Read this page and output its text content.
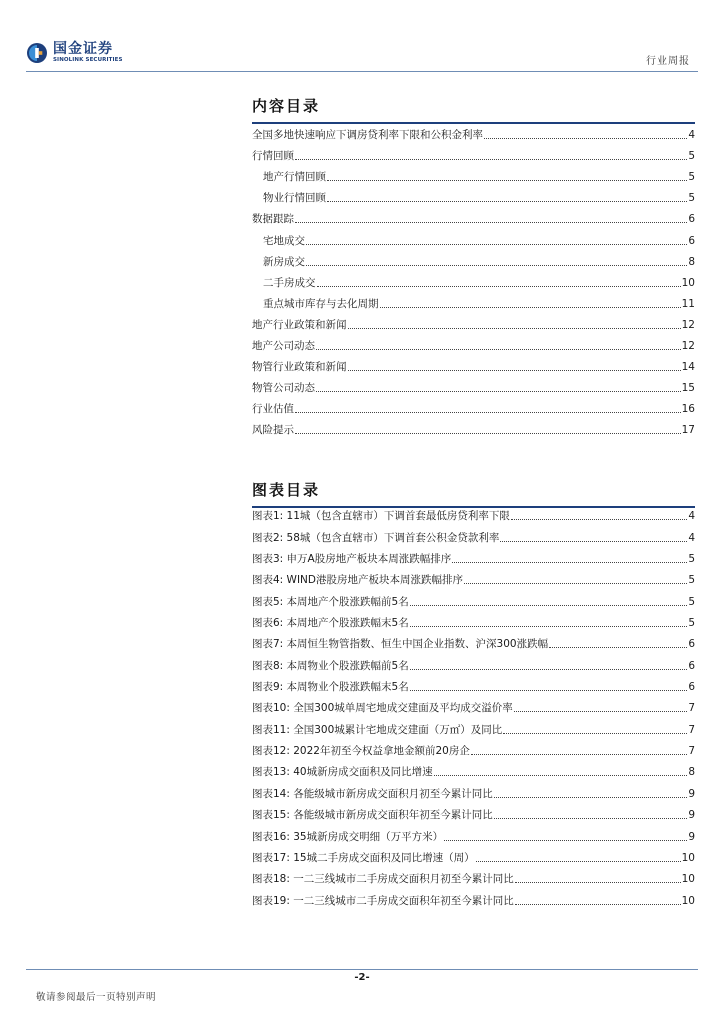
国金证券
SINOLINK SECURITIES	行业周报
内容目录
全国多地快速响应下调房贷利率下限和公积金利率	4
行情回顾	5
地产行情回顾	5
物业行情回顾	5
数据跟踪	6
宅地成交	6
新房成交	8
二手房成交	10
重点城市库存与去化周期	11
地产行业政策和新闻	12
地产公司动态	12
物管行业政策和新闻	14
物管公司动态	15
行业估值	16
风险提示	17
图表目录
图表1: 11城（包含直辖市）下调首套最低房贷利率下限	4
图表2: 58城（包含直辖市）下调首套公积金贷款利率	4
图表3: 申万A股房地产板块本周涨跌幅排序	5
图表4: WIND港股房地产板块本周涨跌幅排序	5
图表5: 本周地产个股涨跌幅前5名	5
图表6: 本周地产个股涨跌幅末5名	5
图表7: 本周恒生物管指数、恒生中国企业指数、沪深300涨跌幅	6
图表8: 本周物业个股涨跌幅前5名	6
图表9: 本周物业个股涨跌幅末5名	6
图表10: 全国300城单周宅地成交建面及平均成交溢价率	7
图表11: 全国300城累计宅地成交建面（万㎡）及同比	7
图表12: 2022年初至今权益拿地金额前20房企	7
图表13: 40城新房成交面积及同比增速	8
图表14: 各能级城市新房成交面积月初至今累计同比	9
图表15: 各能级城市新房成交面积年初至今累计同比	9
图表16: 35城新房成交明细（万平方米）	9
图表17: 15城二手房成交面积及同比增速（周）	10
图表18: 一二三线城市二手房成交面积月初至今累计同比	10
图表19: 一二三线城市二手房成交面积年初至今累计同比	10
-2-
敬请参阅最后一页特别声明
